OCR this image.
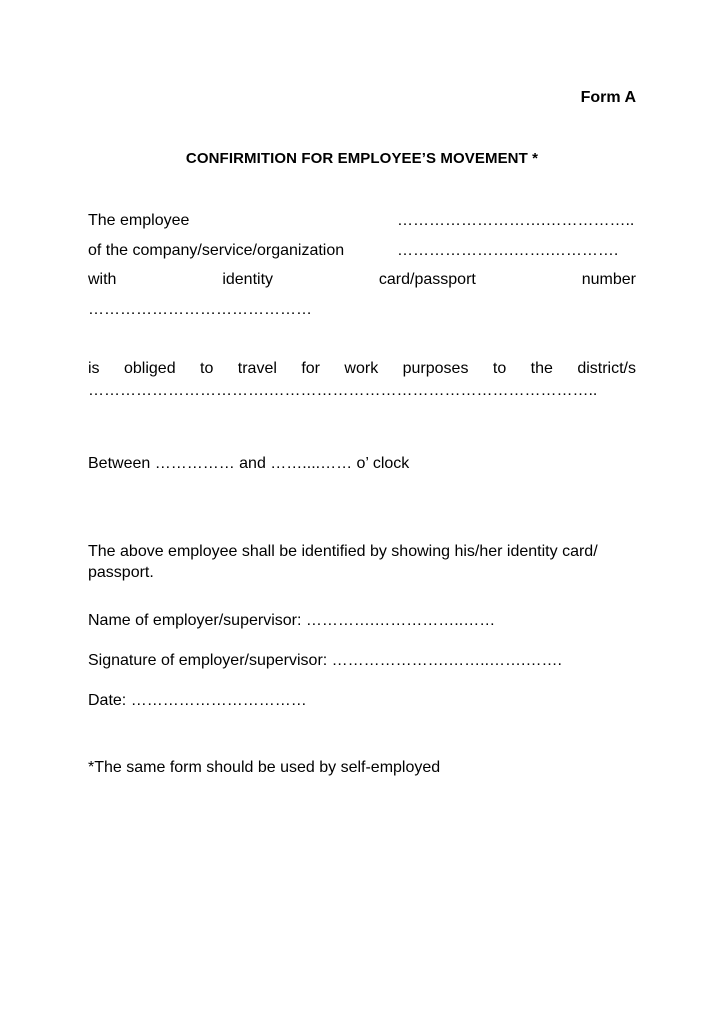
Form A
CONFIRMITION FOR EMPLOYEE’S MOVEMENT *
The employee	……………………….……………..
of the company/service/organization	………………….…….………….
with	identity	card/passport	number
……………………………………
is obliged to travel for work purposes to the district/s
…………………………….……………………………………………………..
Between …………… and ……....…… o’ clock
The above employee shall be identified by showing his/her identity card/ passport.
Name of employer/supervisor: ………….……………..……
Signature of employer/supervisor: ………………….……..…….…….
Date: ……………………………
*The same form should be used by self-employed
